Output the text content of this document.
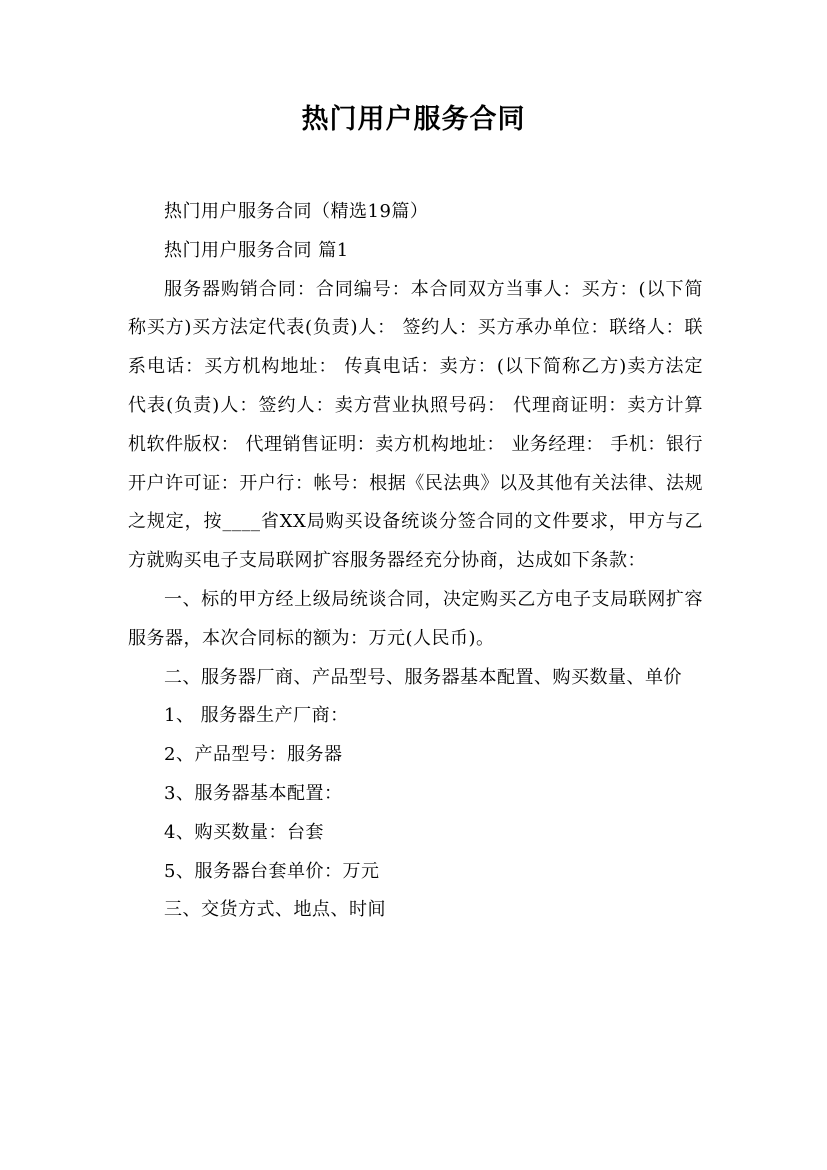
热门用户服务合同

热门用户服务合同（精选19篇）

热门用户服务合同 篇1

服务器购销合同：合同编号：本合同双方当事人：买方：(以下简称买方)买方法定代表(负责)人： 签约人：买方承办单位：联络人：联系电话：买方机构地址： 传真电话：卖方：(以下简称乙方)卖方法定代表(负责)人：签约人：卖方营业执照号码： 代理商证明：卖方计算机软件版权： 代理销售证明：卖方机构地址： 业务经理： 手机：银行开户许可证：开户行：帐号：根据《民法典》以及其他有关法律、法规之规定，按____省XX局购买设备统谈分签合同的文件要求，甲方与乙方就购买电子支局联网扩容服务器经充分协商，达成如下条款：

一、标的甲方经上级局统谈合同，决定购买乙方电子支局联网扩容服务器，本次合同标的额为：万元(人民币)。

二、服务器厂商、产品型号、服务器基本配置、购买数量、单价

1、 服务器生产厂商：

2、产品型号：服务器

3、服务器基本配置：

4、购买数量：台套

5、服务器台套单价：万元

三、交货方式、地点、时间
